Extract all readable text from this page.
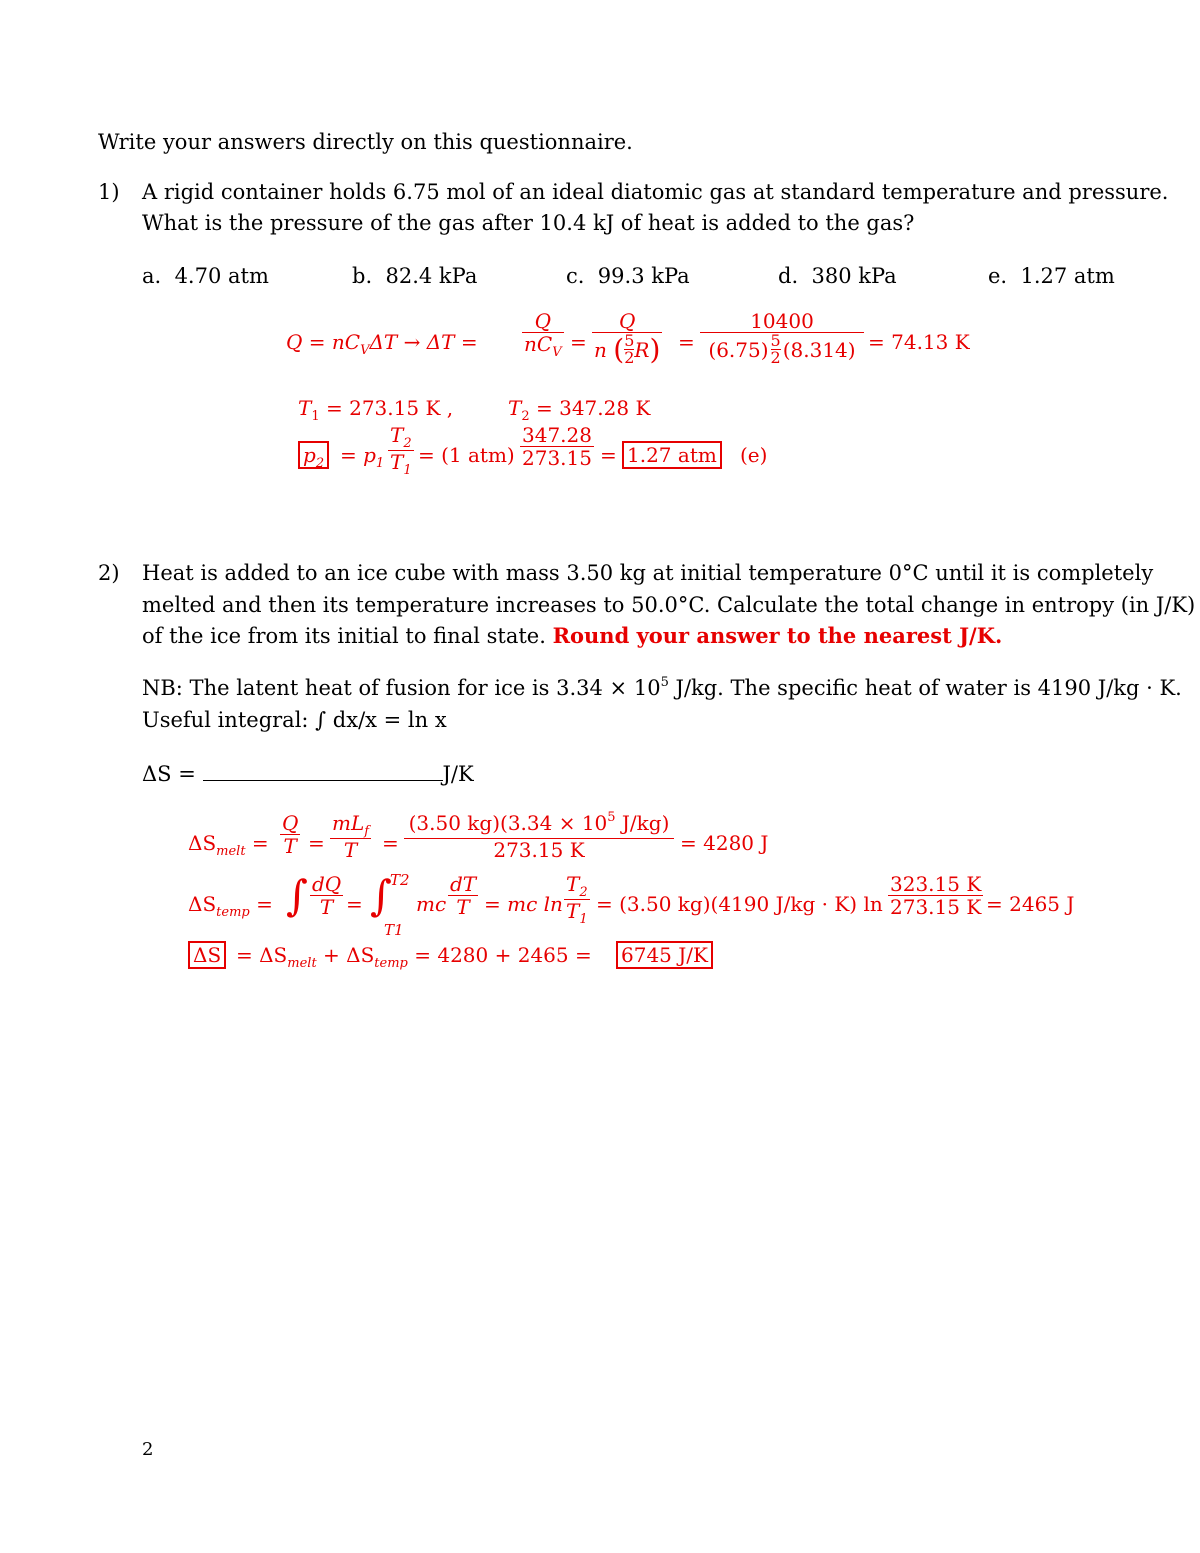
Write your answers directly on this questionnaire.
1) A rigid container holds 6.75 mol of an ideal diatomic gas at standard temperature and pressure.
What is the pressure of the gas after 10.4 kJ of heat is added to the gas?
a. 4.70 atm	b. 82.4 kPa	c. 99.3 kPa	d. 380 kPa	e. 1.27 atm
$Q = nC_V\Delta T \to \Delta T$ =
Q
$nC_V$ =
Q
n
( 5
2 R ) =
10400
(6.75) 5
2 (8.314) = 74.13 K
$T_1 = 273.15$ K ,	$T_2 = 347.28$ K
$p_2 = p_1$
$T_2$
$T_1$
= (1 atm)
347.28
273.15 = 1.27 atm (e)
2) Heat is added to an ice cube with mass 3.50 kg at initial temperature 0°C until it is completely
melted and then its temperature increases to 50.0°C. Calculate the total change in entropy (in J/K)
of the ice from its initial to final state. Round your answer to the nearest J/K.
NB: The latent heat of fusion for ice is $3.34 \times 10^5$ J/kg. The specific heat of water is 4190 J/kg · K.
Useful integral: ∫ dx/x = ln x
ΔS =	J/K
$\Delta S_{melt}$ =
Q
T =
$mL_f$
T =
(3.50 $kg)(3.34 \times 10^5$ J/kg)
273.15 K	= 4280 J
$\Delta S_{temp}$ = ∫ dQ
T = ∫
T2
T1
mc
dT
T = mc ln
$T_2$
$T_1$
= (3.50 kg)(4190 J/kg · K) ln
323.15 K
273.15 K = 2465 J
$\Delta S = \Delta S_{melt} + \Delta S_{temp} = 4280 + 2465 = 6745$ J/K
2
